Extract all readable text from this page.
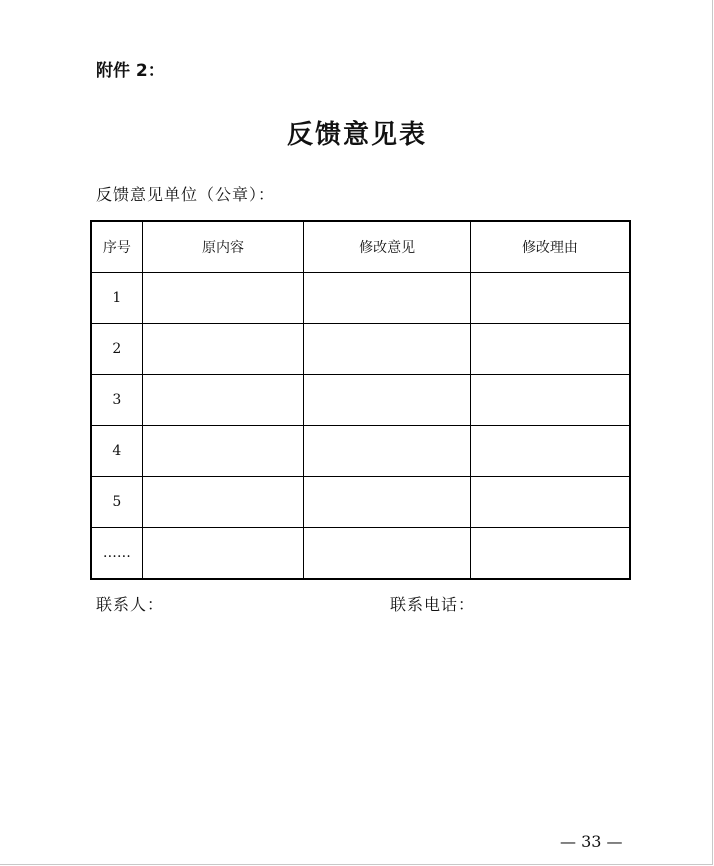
附件 2：
反馈意见表
反馈意见单位（公章）：
序号	原内容	修改意见	修改理由
1			
2			
3			
4			
5			
……			
联系人：	联系电话：
— 33 —
